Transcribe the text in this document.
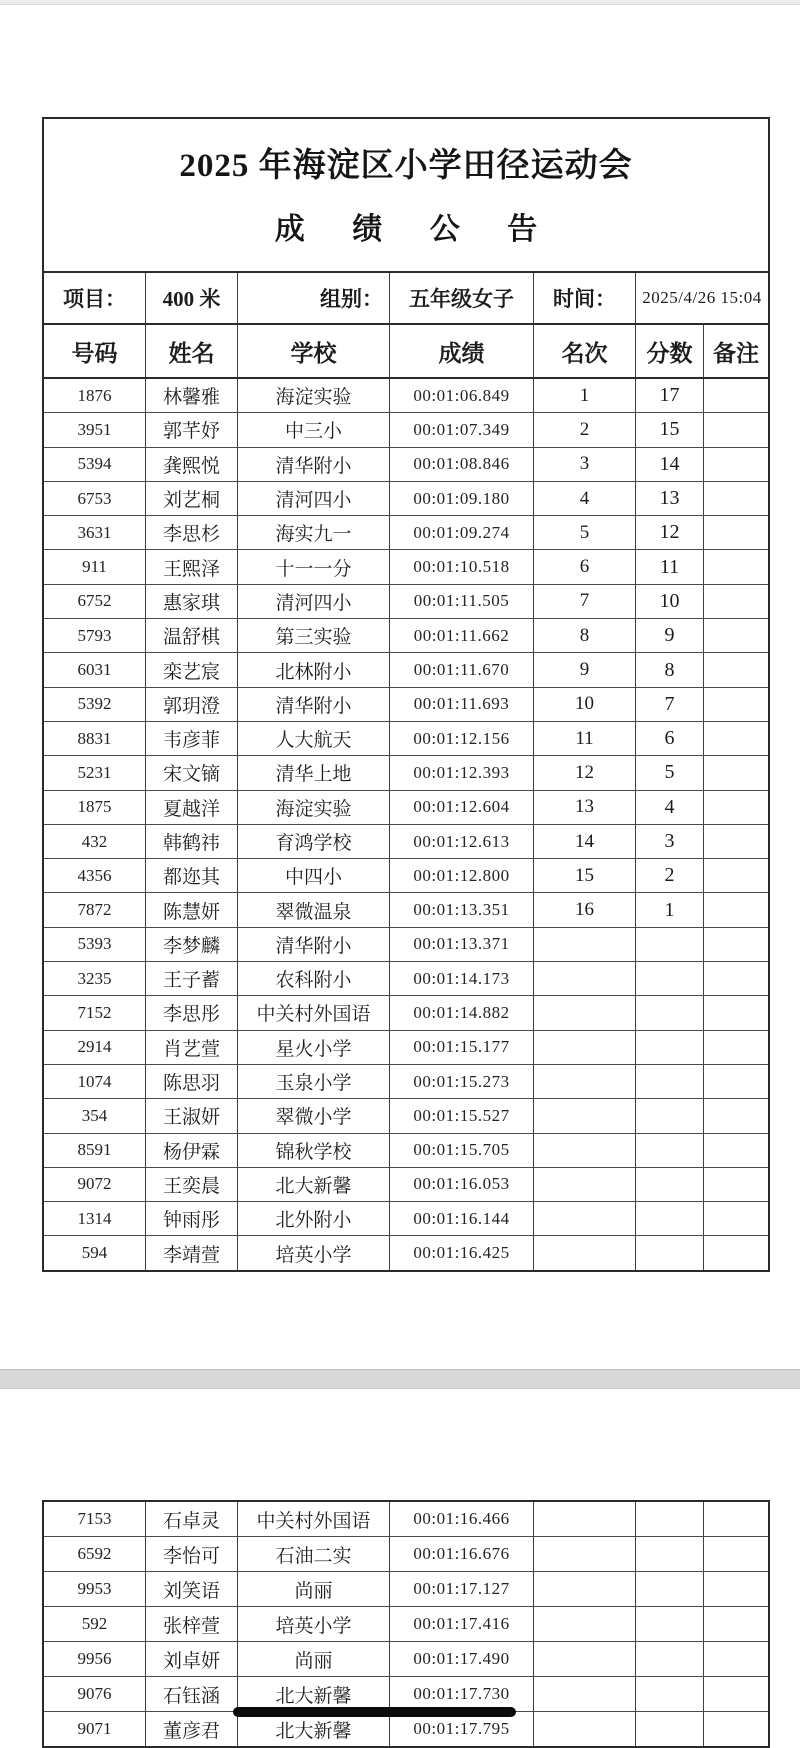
2025 年海淀区小学田径运动会
成 绩 公 告
项目：	400 米	组别：	五年级女子	时间：	2025/4/26 15:04
号码	姓名	学校	成绩	名次	分数 备注
1876	林馨雅	海淀实验	00:01:06.849	1	17
3951	郭芊妤	中三小	00:01:07.349	2	15
5394	龚熙悦	清华附小	00:01:08.846	3	14
6753	刘艺桐	清河四小	00:01:09.180	4	13
3631	李思杉	海实九一	00:01:09.274	5	12
911	王熙泽	十一一分	00:01:10.518	6	11
6752	惠家琪	清河四小	00:01:11.505	7	10
5793	温舒棋	第三实验	00:01:11.662	8	9
6031	栾艺宸	北林附小	00:01:11.670	9	8
5392	郭玥澄	清华附小	00:01:11.693	10	7
8831	韦彦菲	人大航天	00:01:12.156	11	6
5231	宋文镝	清华上地	00:01:12.393	12	5
1875	夏越洋	海淀实验	00:01:12.604	13	4
432	韩鹤祎	育鸿学校	00:01:12.613	14	3
4356	都迩其	中四小	00:01:12.800	15	2
7872	陈慧妍	翠微温泉	00:01:13.351	16	1
5393	李梦麟	清华附小	00:01:13.371
3235	王子蓄	农科附小	00:01:14.173
7152	李思彤	中关村外国语	00:01:14.882
2914	肖艺萱	星火小学	00:01:15.177
1074	陈思羽	玉泉小学	00:01:15.273
354	王淑妍	翠微小学	00:01:15.527
8591	杨伊霖	锦秋学校	00:01:15.705
9072	王奕晨	北大新馨	00:01:16.053
1314	钟雨彤	北外附小	00:01:16.144
594	李靖萱	培英小学	00:01:16.425
7153	石卓灵	中关村外国语	00:01:16.466
6592	李怡可	石油二实	00:01:16.676
9953	刘笑语	尚丽	00:01:17.127
592	张梓萱	培英小学	00:01:17.416
9956	刘卓妍	尚丽	00:01:17.490
9076	石钰涵	北大新馨	00:01:17.730
9071	董彦君	北大新馨	00:01:17.795
